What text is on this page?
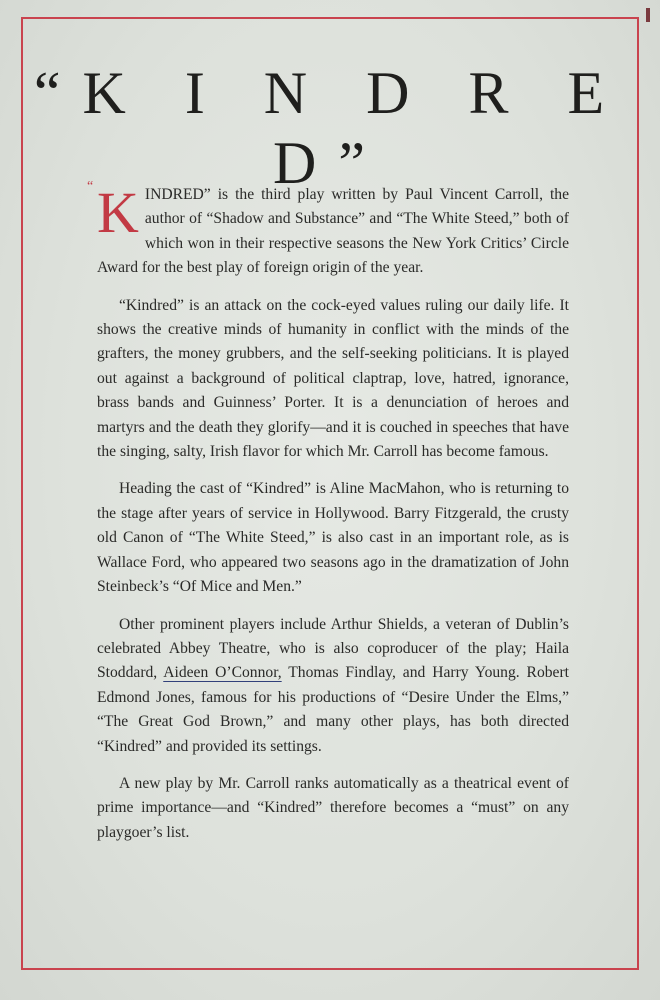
“K I N D R E D”

“ K INDRED” is the third play written by Paul Vincent Carroll, the author of “Shadow and Substance” and “The White Steed,” both of which won in their respective seasons the New York Critics’ Circle Award for the best play of foreign origin of the year.

“Kindred” is an attack on the cock-eyed values ruling our daily life. It shows the creative minds of humanity in conflict with the minds of the grafters, the money grubbers, and the self-seeking politicians. It is played out against a background of political claptrap, love, hatred, ignorance, brass bands and Guinness’ Porter. It is a denunciation of heroes and martyrs and the death they glorify—and it is couched in speeches that have the singing, salty, Irish flavor for which Mr. Carroll has become famous.

Heading the cast of “Kindred” is Aline MacMahon, who is returning to the stage after years of service in Hollywood. Barry Fitzgerald, the crusty old Canon of “The White Steed,” is also cast in an important role, as is Wallace Ford, who appeared two seasons ago in the dramatization of John Steinbeck’s “Of Mice and Men.”

Other prominent players include Arthur Shields, a veteran of Dublin’s celebrated Abbey Theatre, who is also coproducer of the play; Haila Stoddard, Aideen O’Connor, Thomas Findlay, and Harry Young. Robert Edmond Jones, famous for his productions of “Desire Under the Elms,” “The Great God Brown,” and many other plays, has both directed “Kindred” and provided its settings.

A new play by Mr. Carroll ranks automatically as a theatrical event of prime importance—and “Kindred” therefore becomes a “must” on any playgoer’s list.
